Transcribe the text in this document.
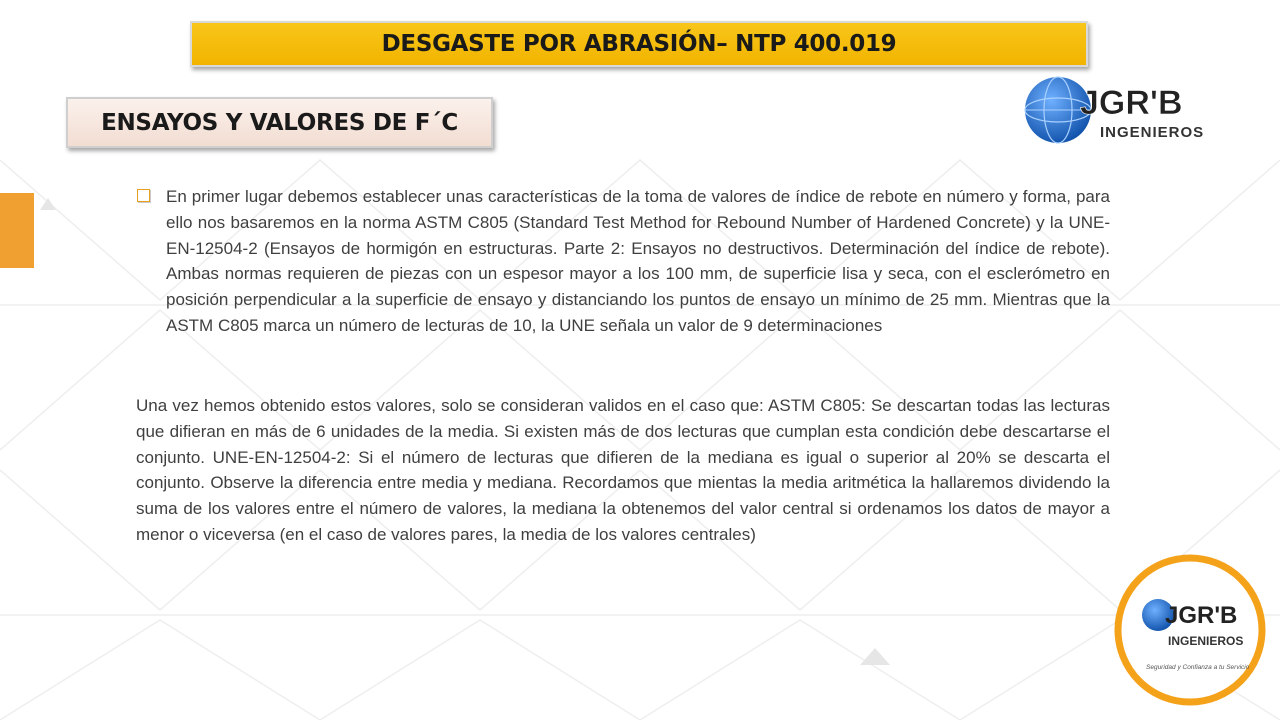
DESGASTE POR ABRASIÓN– NTP 400.019
ENSAYOS Y VALORES DE F´C
JGR'B
INGENIEROS

En primer lugar debemos establecer unas características de la toma de valores de índice de rebote en número y forma, para ello nos basaremos en la norma ASTM C805 (Standard Test Method for Rebound Number of Hardened Concrete) y la UNE-EN-12504-2 (Ensayos de hormigón en estructuras. Parte 2: Ensayos no destructivos. Determinación del índice de rebote). Ambas normas requieren de piezas con un espesor mayor a los 100 mm, de superficie lisa y seca, con el esclerómetro en posición perpendicular a la superficie de ensayo y distanciando los puntos de ensayo un mínimo de 25 mm. Mientras que la ASTM C805 marca un número de lecturas de 10, la UNE señala un valor de 9 determinaciones

Una vez hemos obtenido estos valores, solo se consideran validos en el caso que: ASTM C805: Se descartan todas las lecturas que difieran en más de 6 unidades de la media. Si existen más de dos lecturas que cumplan esta condición debe descartarse el conjunto. UNE-EN-12504-2: Si el número de lecturas que difieren de la mediana es igual o superior al 20% se descarta el conjunto. Observe la diferencia entre media y mediana. Recordamos que mientas la media aritmética la hallaremos dividendo la suma de los valores entre el número de valores, la mediana la obtenemos del valor central si ordenamos los datos de mayor a menor o viceversa (en el caso de valores pares, la media de los valores centrales)

JGR'B
INGENIEROS
Seguridad y Confianza a tu Servicio
